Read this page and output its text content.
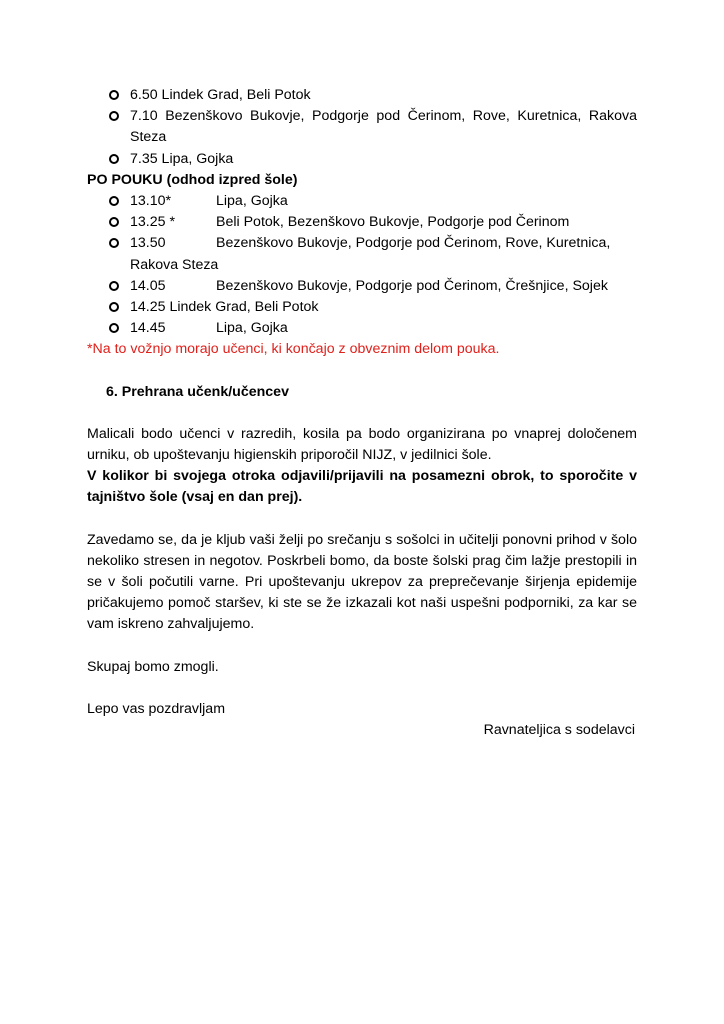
6.50 Lindek Grad, Beli Potok
7.10 Bezenškovo Bukovje, Podgorje pod Čerinom, Rove, Kuretnica, Rakova Steza
7.35 Lipa, Gojka
PO POUKU (odhod izpred šole)
13.10*	Lipa, Gojka
13.25 *	Beli Potok, Bezenškovo Bukovje, Podgorje pod Čerinom
13.50	Bezenškovo Bukovje, Podgorje pod Čerinom, Rove, Kuretnica,
Rakova Steza
14.05	Bezenškovo Bukovje, Podgorje pod Čerinom, Črešnjice, Sojek
14.25 Lindek Grad, Beli Potok
14.45	Lipa, Gojka
*Na to vožnjo morajo učenci, ki končajo z obveznim delom pouka.
6. Prehrana učenk/učencev
Malicali bodo učenci v razredih, kosila pa bodo organizirana po vnaprej določenem urniku, ob upoštevanju higienskih priporočil NIJZ, v jedilnici šole.
V kolikor bi svojega otroka odjavili/prijavili na posamezni obrok, to sporočite v tajništvo šole (vsaj en dan prej).
Zavedamo se, da je kljub vaši želji po srečanju s sošolci in učitelji ponovni prihod v šolo nekoliko stresen in negotov. Poskrbeli bomo, da boste šolski prag čim lažje prestopili in se v šoli počutili varne. Pri upoštevanju ukrepov za preprečevanje širjenja epidemije pričakujemo pomoč staršev, ki ste se že izkazali kot naši uspešni podporniki, za kar se vam iskreno zahvaljujemo.
Skupaj bomo zmogli.
Lepo vas pozdravljam
Ravnateljica s sodelavci
